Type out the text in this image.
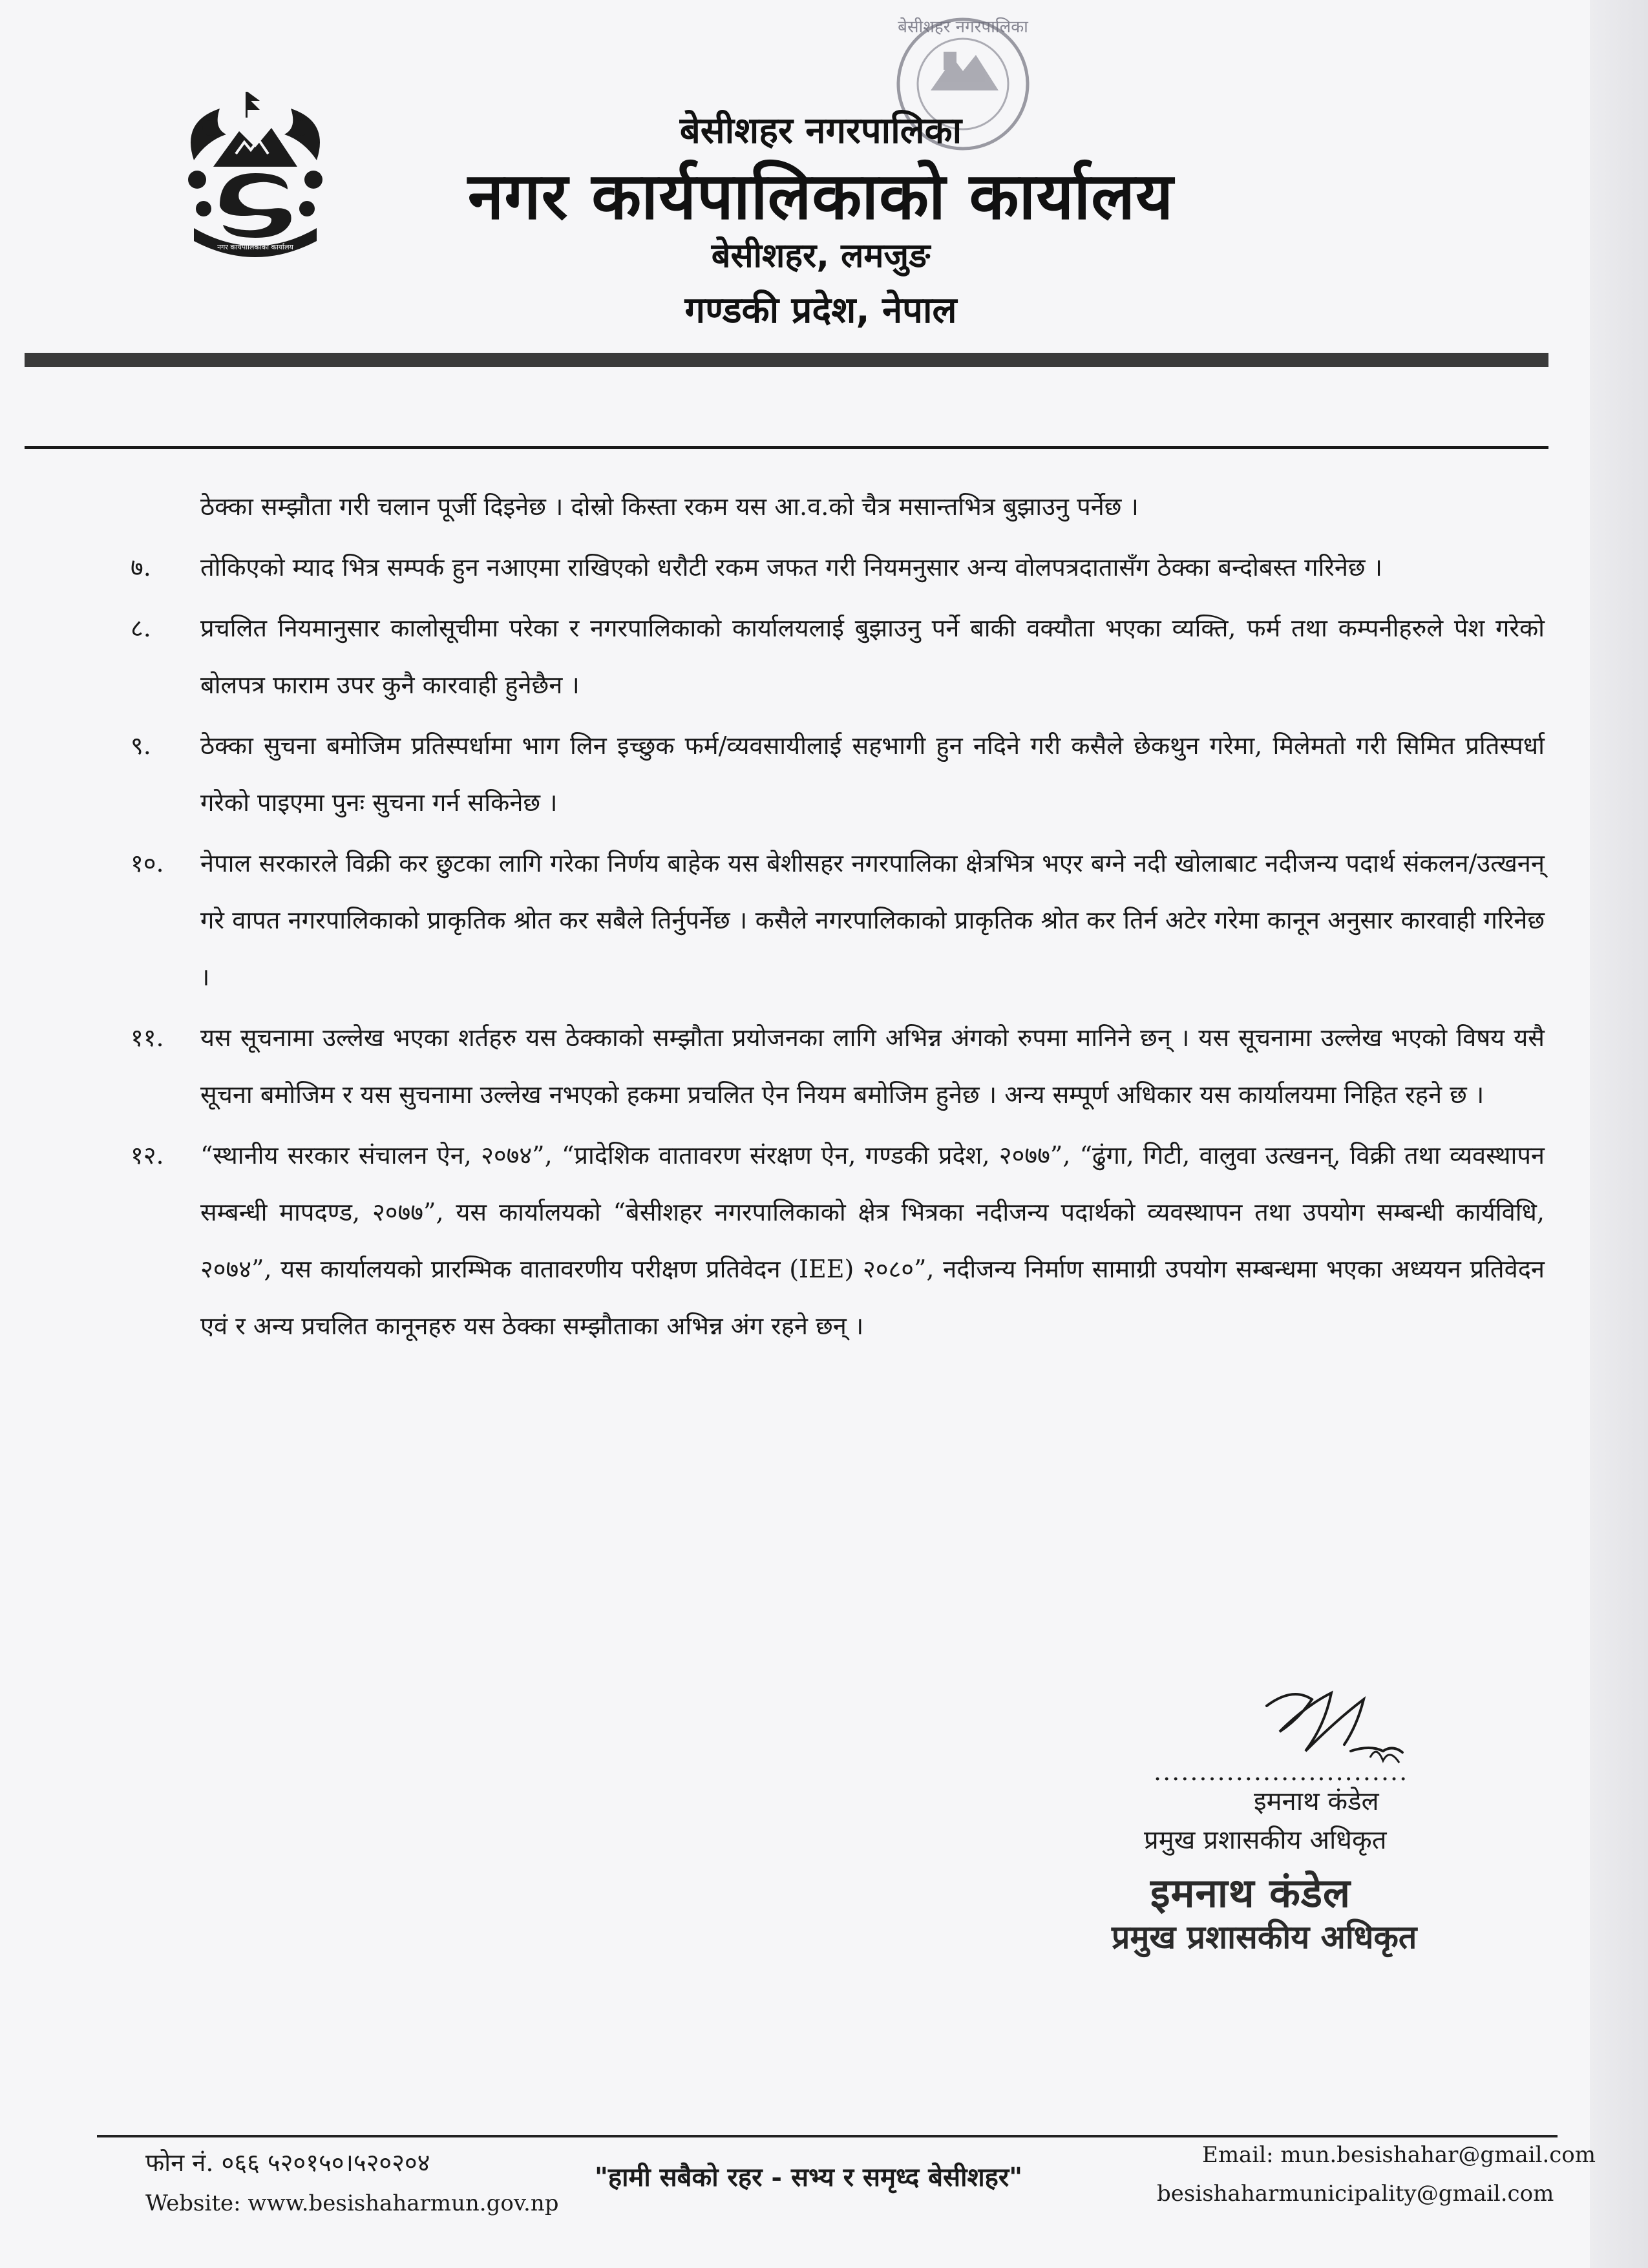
नगर कार्यपालिकाको कार्यालय
बेसीशहर नगरपालिका
बेसीशहर नगरपालिका
नगर कार्यपालिकाको कार्यालय
बेसीशहर, लमजुङ
गण्डकी प्रदेश, नेपाल
ठेक्का सम्झौता गरी चलान पूर्जी दिइनेछ । दोस्रो किस्ता रकम यस आ.व.को चैत्र मसान्तभित्र बुझाउनु पर्नेछ ।
७.	तोकिएको म्याद भित्र सम्पर्क हुन नआएमा राखिएको धरौटी रकम जफत गरी नियमनुसार अन्य वोलपत्रदातासँग ठेक्का बन्दोबस्त गरिनेछ ।
८.	प्रचलित नियमानुसार कालोसूचीमा परेका र नगरपालिकाको कार्यालयलाई बुझाउनु पर्ने बाकी वक्यौता भएका व्यक्ति, फर्म तथा कम्पनीहरुले पेश गरेको बोलपत्र फाराम उपर कुनै कारवाही हुनेछैन ।
९.	ठेक्का सुचना बमोजिम प्रतिस्पर्धामा भाग लिन इच्छुक फर्म/व्यवसायीलाई सहभागी हुन नदिने गरी कसैले छेकथुन गरेमा, मिलेमतो गरी सिमित प्रतिस्पर्धा गरेको पाइएमा पुनः सुचना गर्न सकिनेछ ।
१०.	नेपाल सरकारले विक्री कर छुटका लागि गरेका निर्णय बाहेक यस बेशीसहर नगरपालिका क्षेत्रभित्र भएर बग्ने नदी खोलाबाट नदीजन्य पदार्थ संकलन/उत्खनन् गरे वापत नगरपालिकाको प्राकृतिक श्रोत कर सबैले तिर्नुपर्नेछ । कसैले नगरपालिकाको प्राकृतिक श्रोत कर तिर्न अटेर गरेमा कानून अनुसार कारवाही गरिनेछ ।
११.	यस सूचनामा उल्लेख भएका शर्तहरु यस ठेक्काको सम्झौता प्रयोजनका लागि अभिन्न अंगको रुपमा मानिने छन् । यस सूचनामा उल्लेख भएको विषय यसै सूचना बमोजिम र यस सुचनामा उल्लेख नभएको हकमा प्रचलित ऐन नियम बमोजिम हुनेछ । अन्य सम्पूर्ण अधिकार यस कार्यालयमा निहित रहने छ ।
१२.	“स्थानीय सरकार संचालन ऐन, २०७४”, “प्रादेशिक वातावरण संरक्षण ऐन, गण्डकी प्रदेश, २०७७”, “ढुंगा, गिटी, वालुवा उत्खनन्, विक्री तथा व्यवस्थापन सम्बन्धी मापदण्ड, २०७७”, यस कार्यालयको “बेसीशहर नगरपालिकाको क्षेत्र भित्रका नदीजन्य पदार्थको व्यवस्थापन तथा उपयोग सम्बन्धी कार्यविधि, २०७४”, यस कार्यालयको प्रारम्भिक वातावरणीय परीक्षण प्रतिवेदन (IEE) २०८०”, नदीजन्य निर्माण सामाग्री उपयोग सम्बन्धमा भएका अध्ययन प्रतिवेदन एवं र अन्य प्रचलित कानूनहरु यस ठेक्का सम्झौताका अभिन्न अंग रहने छन् ।
............................
इमनाथ कंडेल
प्रमुख प्रशासकीय अधिकृत
इमनाथ कंडेल
प्रमुख प्रशासकीय अधिकृत
फोन नं. ०६६ ५२०१५०।५२०२०४
Website: www.besishaharmun.gov.np
"हामी सबैको रहर - सभ्य र समृध्द बेसीशहर"
Email: mun.besishahar@gmail.com
besishaharmunicipality@gmail.com
